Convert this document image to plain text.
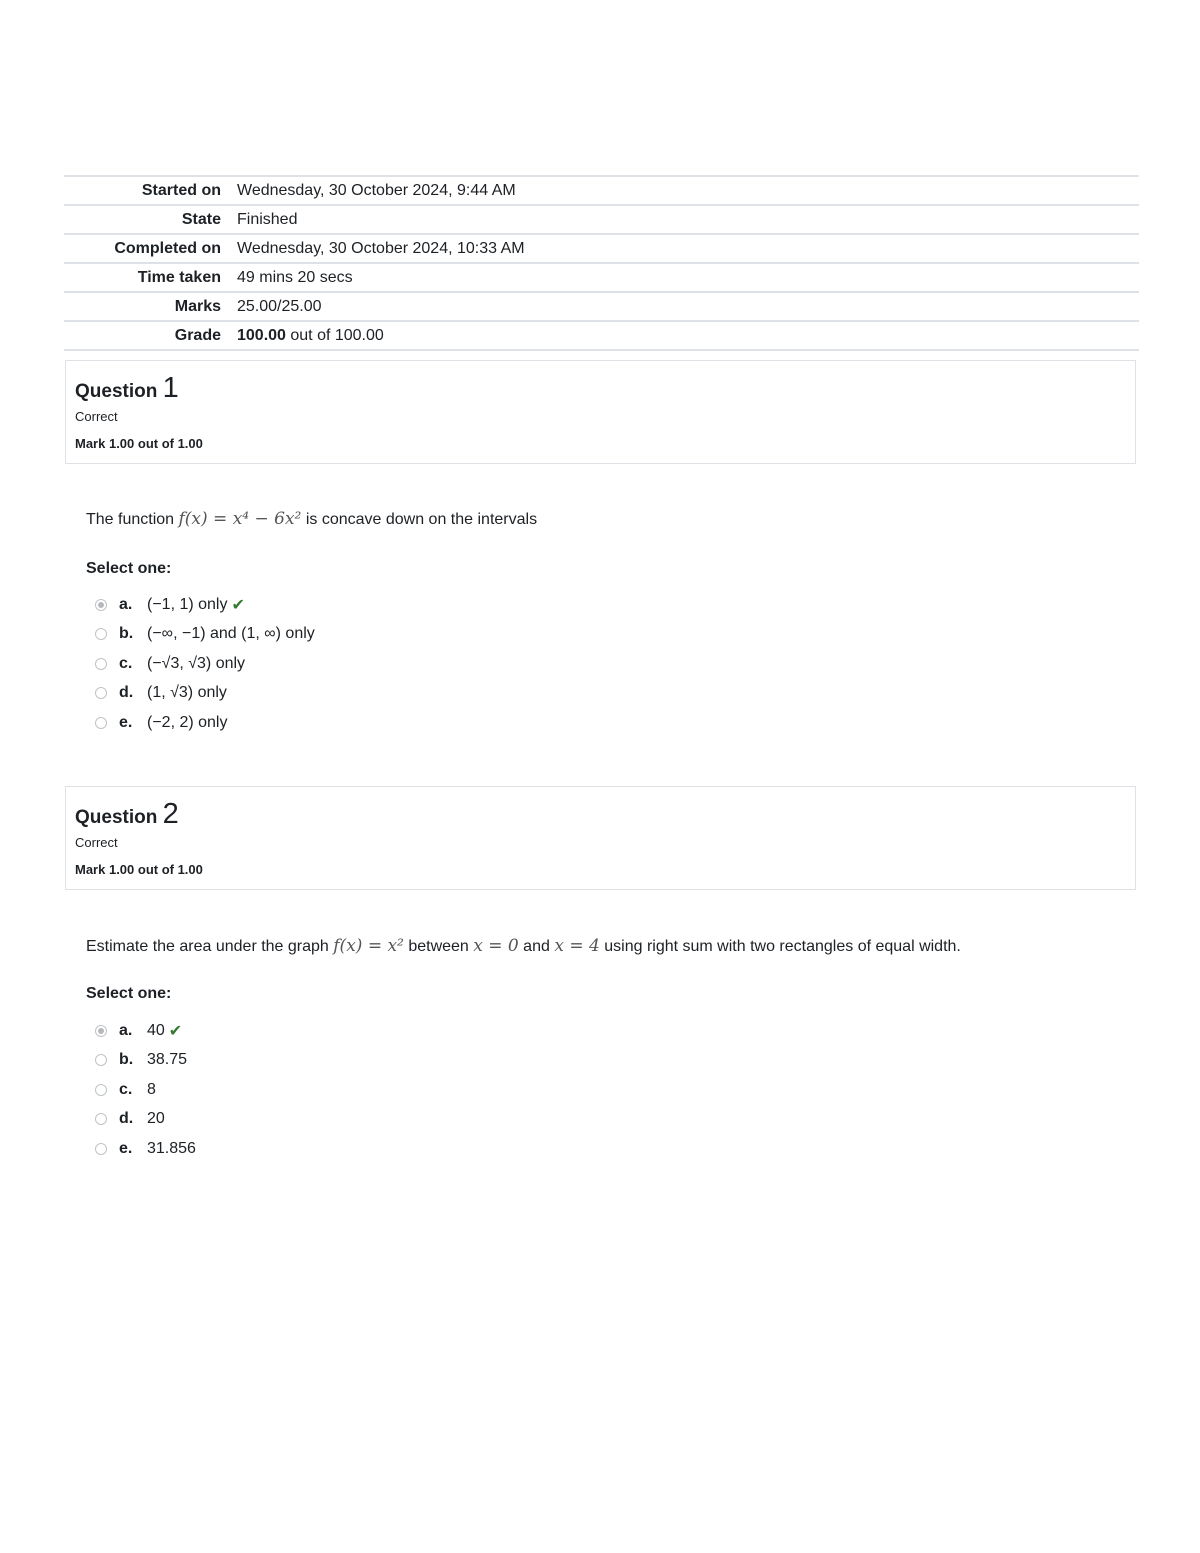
Started on	Wednesday, 30 October 2024, 9:44 AM
State	Finished
Completed on	Wednesday, 30 October 2024, 10:33 AM
Time taken	49 mins 20 secs
Marks	25.00/25.00
Grade	100.00 out of 100.00
Question 1
Correct
Mark 1.00 out of 1.00
The function f(x) = x⁴ − 6x² is concave down on the intervals
Select one:
a. (−1, 1) only ✔
b. (−∞, −1) and (1, ∞) only
c. (−√3, √3) only
d. (1, √3) only
e. (−2, 2) only
Question 2
Correct
Mark 1.00 out of 1.00
Estimate the area under the graph f(x) = x² between x = 0 and x = 4 using right sum with two rectangles of equal width.
Select one:
a. 40 ✔
b. 38.75
c. 8
d. 20
e. 31.856
